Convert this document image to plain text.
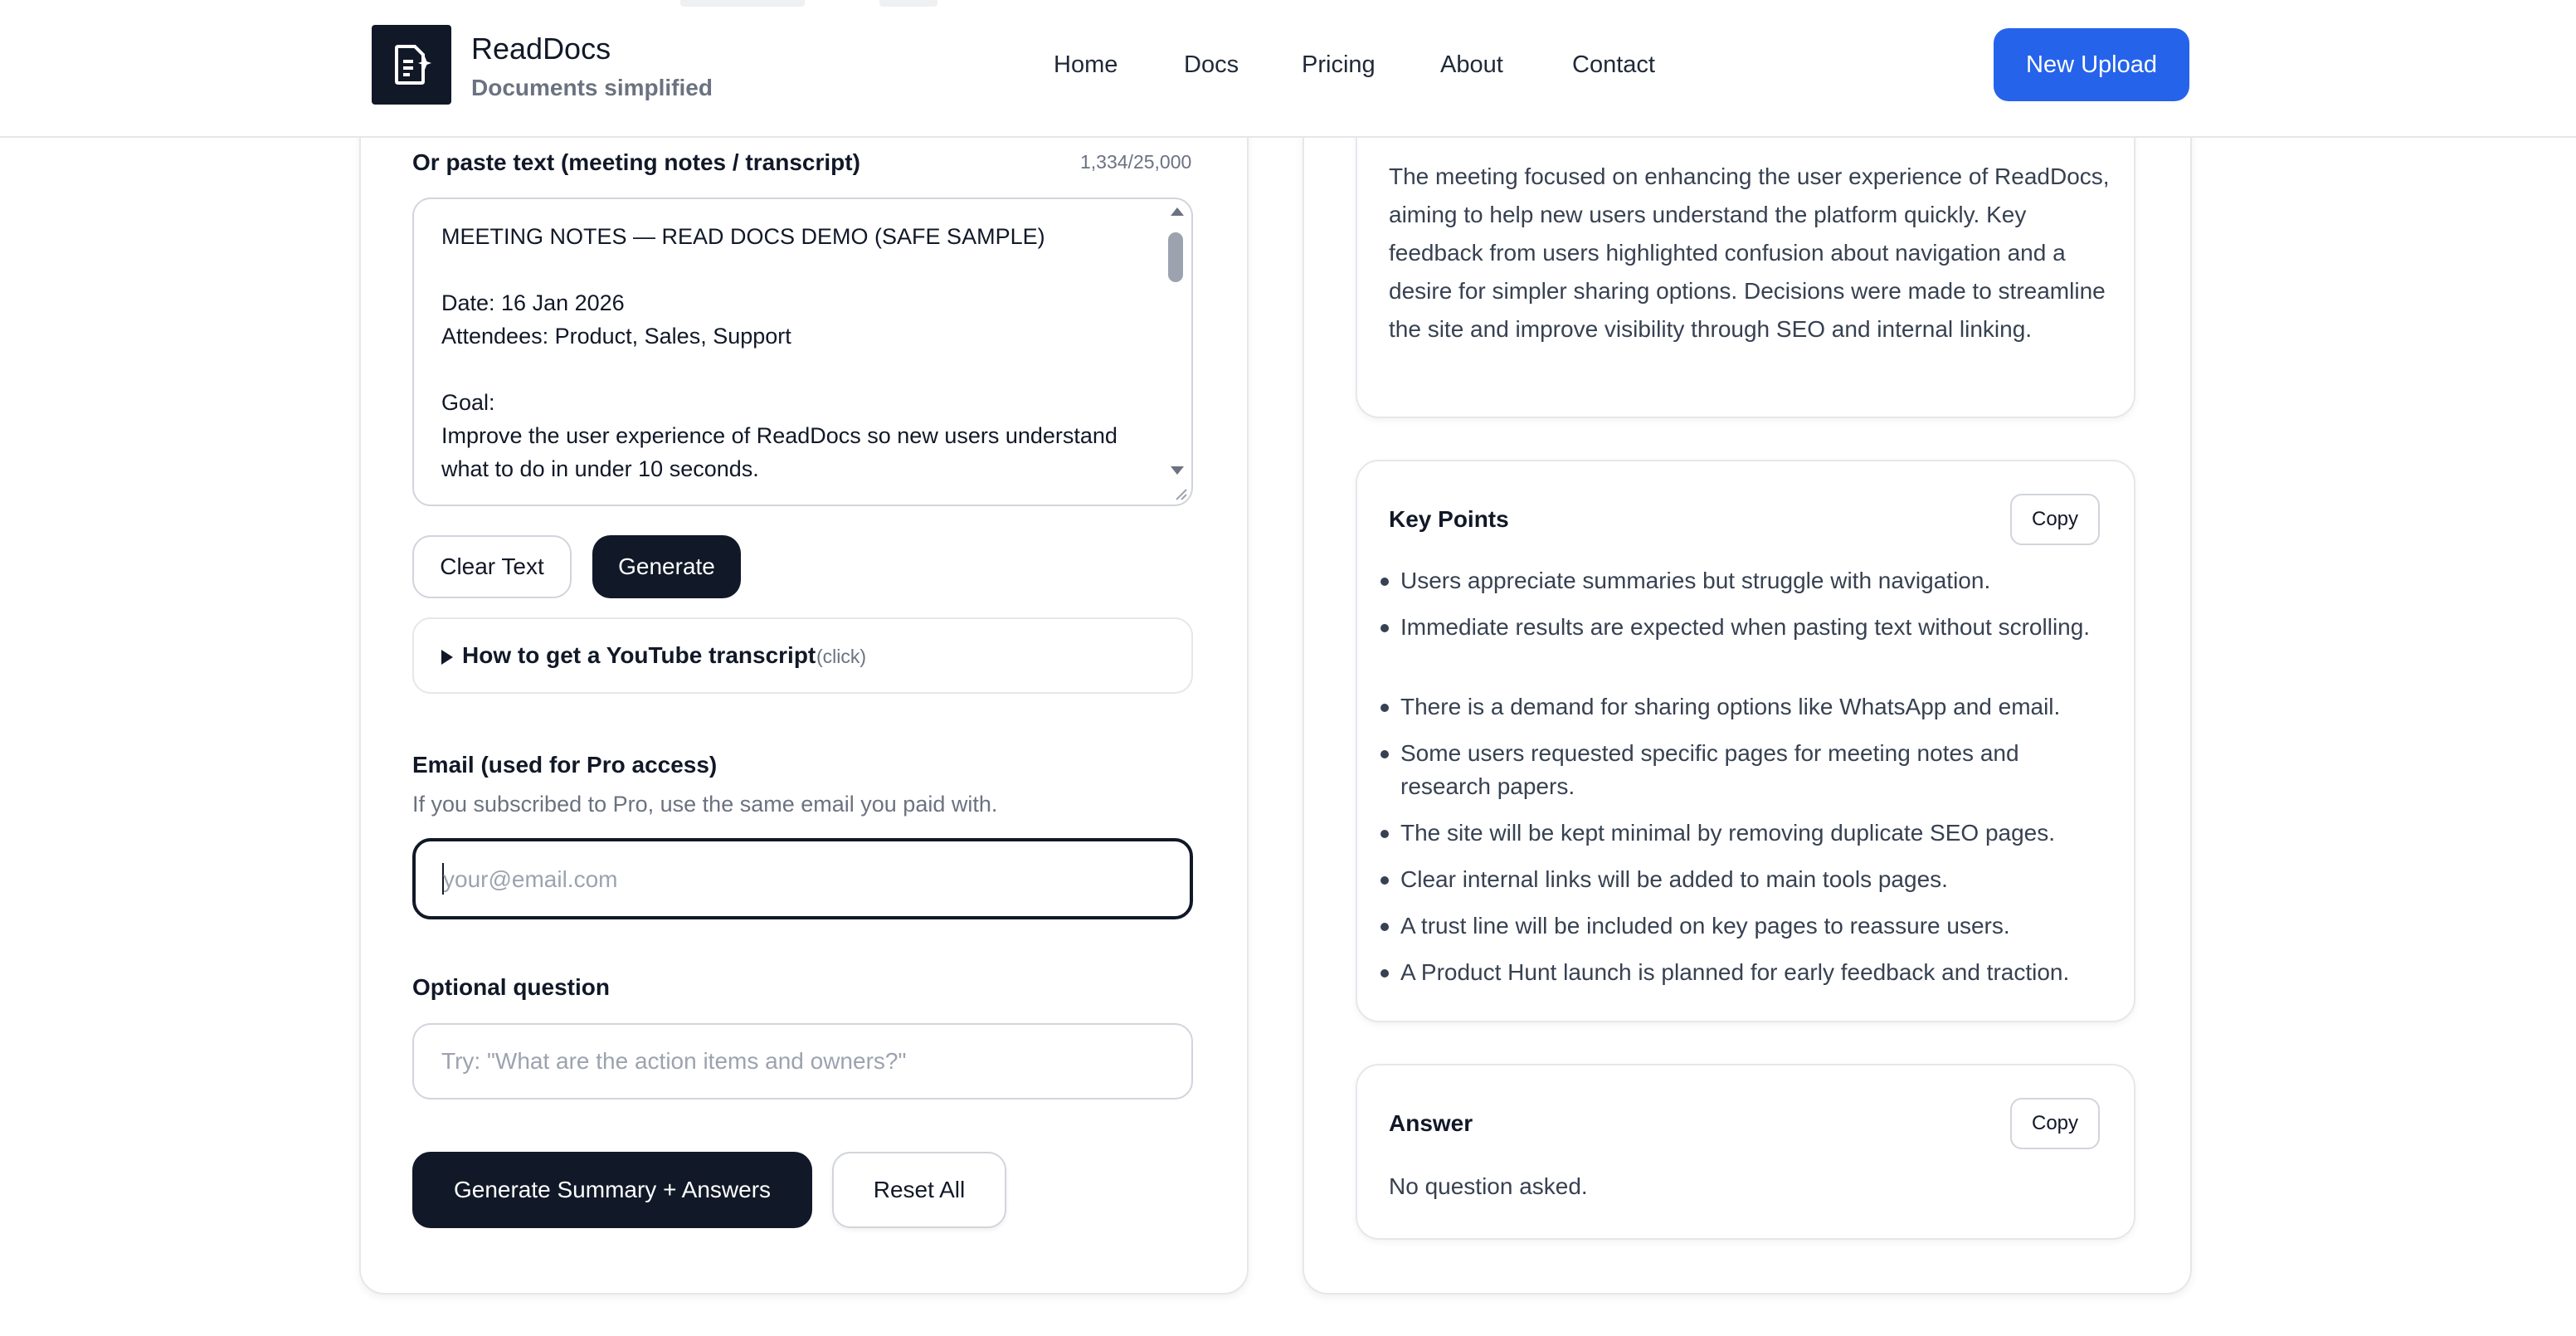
ReadDocs
Documents simplified
Home	Docs	Pricing	About	Contact	New Upload
Or paste text (meeting notes / transcript)	1,334/25,000
MEETING NOTES — READ DOCS DEMO (SAFE SAMPLE)
Date: 16 Jan 2026
Attendees: Product, Sales, Support
Goal:
Improve the user experience of ReadDocs so new users understand
what to do in under 10 seconds.
Clear Text	Generate
How to get a YouTube transcript (click)
Email (used for Pro access)
If you subscribed to Pro, use the same email you paid with.
your@email.com
Optional question
Try: "What are the action items and owners?"
Generate Summary + Answers	Reset All
The meeting focused on enhancing the user experience of ReadDocs, aiming to help new users understand the platform quickly. Key feedback from users highlighted confusion about navigation and a desire for simpler sharing options. Decisions were made to streamline the site and improve visibility through SEO and internal linking.
Key Points	Copy
Users appreciate summaries but struggle with navigation.
Immediate results are expected when pasting text without scrolling.
There is a demand for sharing options like WhatsApp and email.
Some users requested specific pages for meeting notes and research papers.
The site will be kept minimal by removing duplicate SEO pages.
Clear internal links will be added to main tools pages.
A trust line will be included on key pages to reassure users.
A Product Hunt launch is planned for early feedback and traction.
Answer	Copy
No question asked.
